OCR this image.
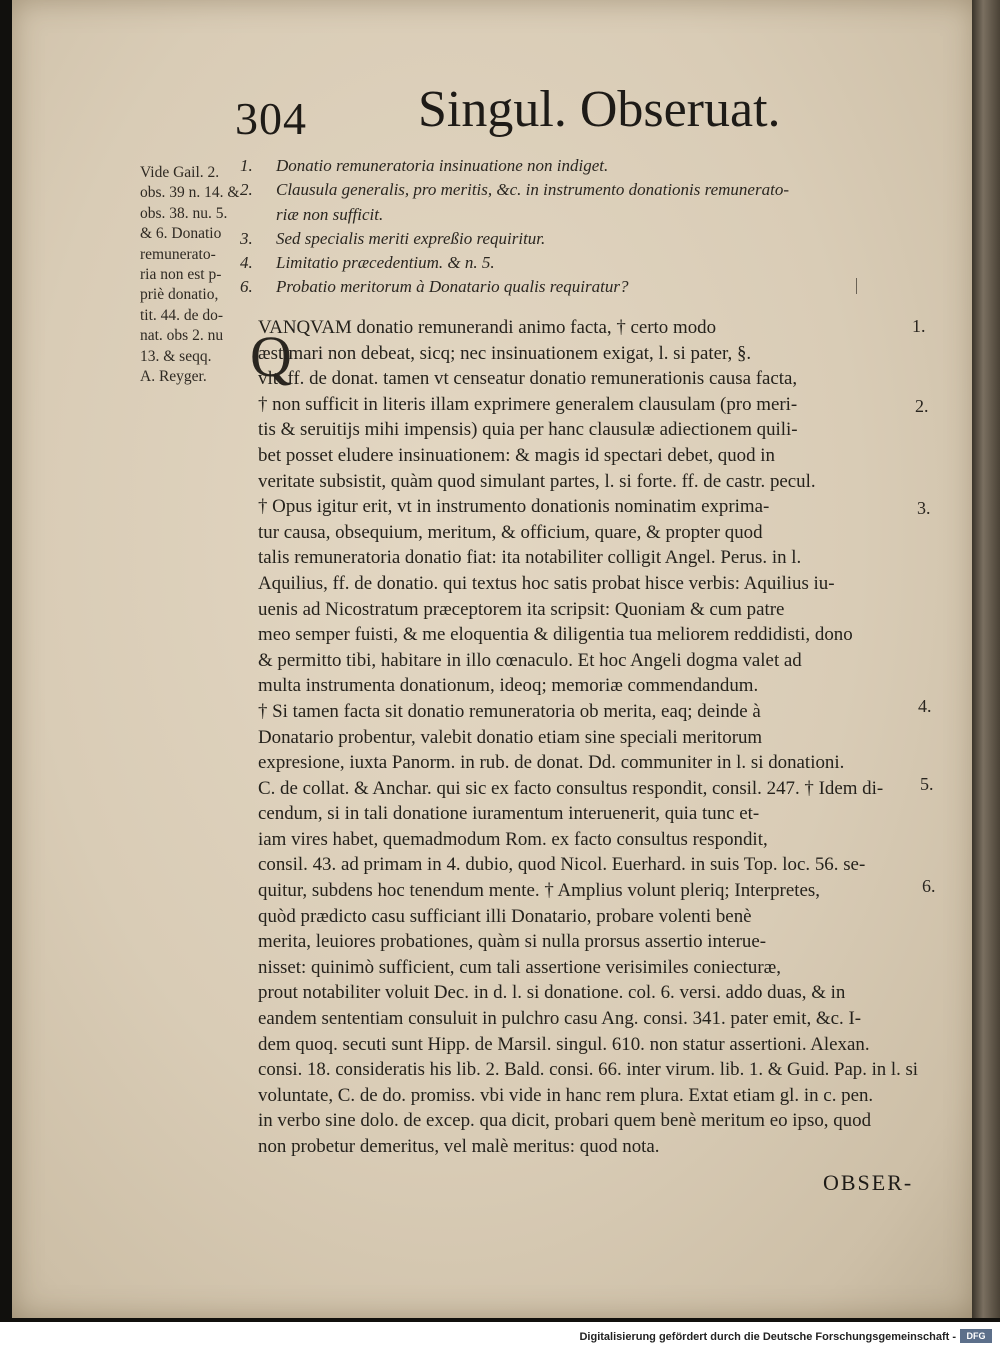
304 Singul. Obseruat.
Vide Gail. 2.
obs. 39 n. 14. &
obs. 38. nu. 5.
& 6. Donatio
remunerato-
ria non est p-
priè donatio,
tit. 44. de do-
nat. obs 2. nu
13. & seqq.
A. Reyger.
1. Donatio remuneratoria insinuatione non indiget.
2. Clausula generalis, pro meritis, &c. in instrumento donationis remunerato-
riæ non sufficit.
3. Sed specialis meriti expreßio requiritur.
4. Limitatio præcedentium. & n. 5.
6. Probatio meritorum à Donatario qualis requiratur?
Q
VANQVAM donatio remunerandi animo facta, † certo modo
æstimari non debeat, sicq; nec insinuationem exigat, l. si pater, §.
vlt. ff. de donat. tamen vt censeatur donatio remunerationis causa facta,
† non sufficit in literis illam exprimere generalem clausulam (pro meri-
tis & seruitijs mihi impensis) quia per hanc clausulæ adiectionem quili-
bet posset eludere insinuationem: & magis id spectari debet, quod in
veritate subsistit, quàm quod simulant partes, l. si forte. ff. de castr. pecul.
† Opus igitur erit, vt in instrumento donationis nominatim exprima-
tur causa, obsequium, meritum, & officium, quare, & propter quod
talis remuneratoria donatio fiat: ita notabiliter colligit Angel. Perus. in l.
Aquilius, ff. de donatio. qui textus hoc satis probat hisce verbis: Aquilius iu-
uenis ad Nicostratum præceptorem ita scripsit: Quoniam & cum patre
meo semper fuisti, & me eloquentia & diligentia tua meliorem reddidisti, dono
& permitto tibi, habitare in illo cœnaculo. Et hoc Angeli dogma valet ad
multa instrumenta donationum, ideoq; memoriæ commendandum.
† Si tamen facta sit donatio remuneratoria ob merita, eaq; deinde à
Donatario probentur, valebit donatio etiam sine speciali meritorum
expresione, iuxta Panorm. in rub. de donat. Dd. communiter in l. si donationi.
C. de collat. & Anchar. qui sic ex facto consultus respondit, consil. 247. † Idem di-
cendum, si in tali donatione iuramentum interuenerit, quia tunc et-
iam vires habet, quemadmodum Rom. ex facto consultus respondit,
consil. 43. ad primam in 4. dubio, quod Nicol. Euerhard. in suis Top. loc. 56. se-
quitur, subdens hoc tenendum mente. † Amplius volunt pleriq; Interpretes,
quòd prædicto casu sufficiant illi Donatario, probare volenti benè
merita, leuiores probationes, quàm si nulla prorsus assertio interue-
nisset: quinimò sufficient, cum tali assertione verisimiles coniecturæ,
prout notabiliter voluit Dec. in d. l. si donatione. col. 6. versi. addo duas, & in
eandem sententiam consuluit in pulchro casu Ang. consi. 341. pater emit, &c. I-
dem quoq. secuti sunt Hipp. de Marsil. singul. 610. non statur assertioni. Alexan.
consi. 18. consideratis his lib. 2. Bald. consi. 66. inter virum. lib. 1. & Guid. Pap. in l. si
voluntate, C. de do. promiss. vbi vide in hanc rem plura. Extat etiam gl. in c. pen.
in verbo sine dolo. de excep. qua dicit, probari quem benè meritum eo ipso, quod
non probetur demeritus, vel malè meritus: quod nota.
1.
2.
3.
4.
5.
6.
OBSER-
Digitalisierung gefördert durch die Deutsche Forschungsgemeinschaft -	DFG
